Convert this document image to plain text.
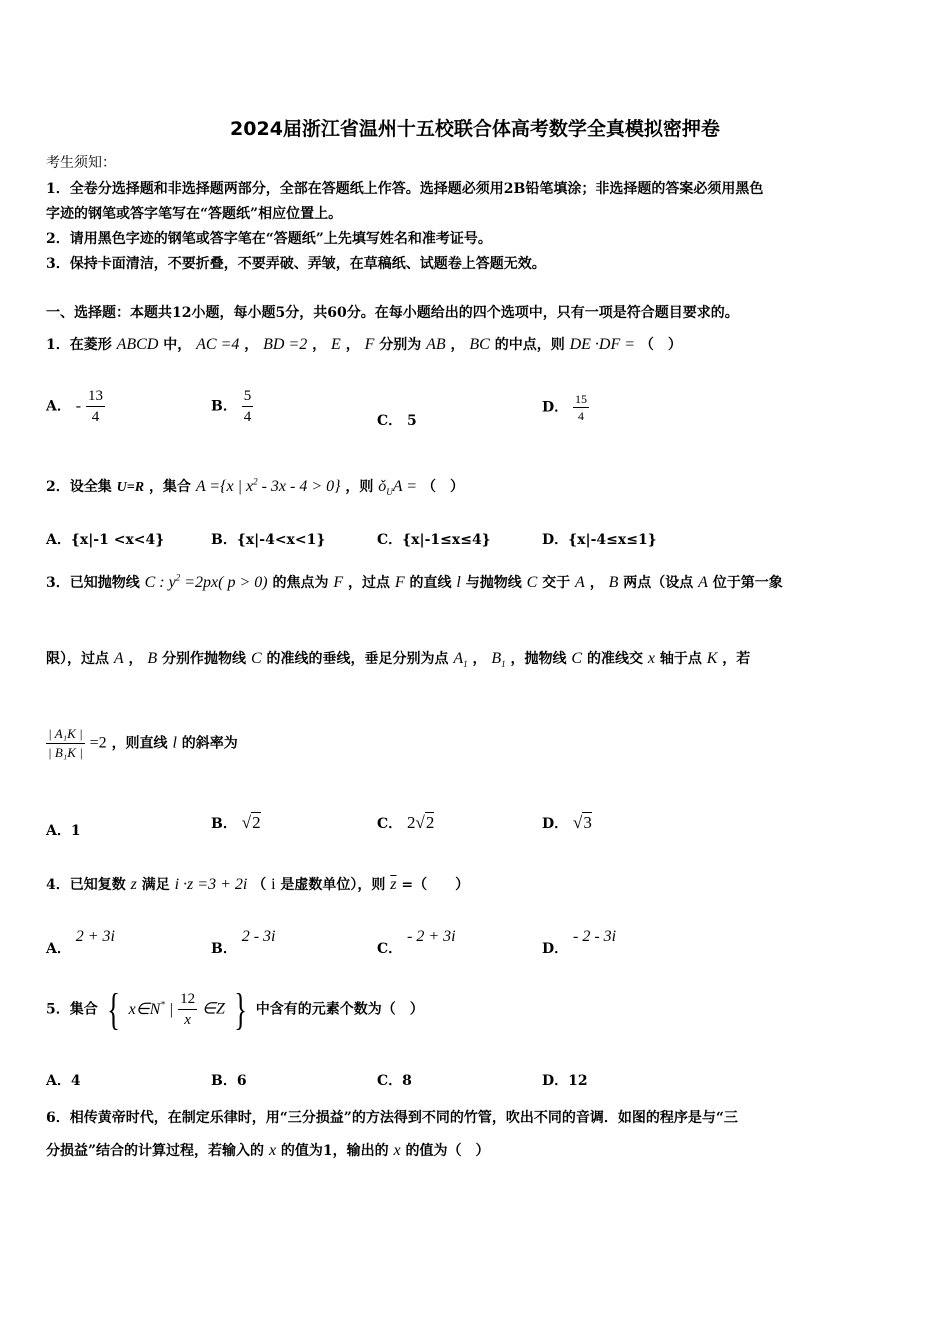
2024届浙江省温州十五校联合体高考数学全真模拟密押卷
考生须知：
1．全卷分选择题和非选择题两部分，全部在答题纸上作答。选择题必须用2B铅笔填涂；非选择题的答案必须用黑色
字迹的钢笔或答字笔写在“答题纸”相应位置上。
2．请用黑色字迹的钢笔或答字笔在“答题纸”上先填写姓名和准考证号。
3．保持卡面清洁，不要折叠，不要弄破、弄皱，在草稿纸、试题卷上答题无效。
一、选择题：本题共12小题，每小题5分，共60分。在每小题给出的四个选项中，只有一项是符合题目要求的。
1．在菱形 ABCD 中， AC =4 ， BD =2 ， E ， F 分别为 AB ， BC 的中点，则 DE ·DF = （　）
A． - $\frac{13}{4}$	B． $\frac{5}{4}$	C． 5
D． $\frac{15}{4}$
2．设全集 U=R ，集合 A ={x | $x^2 - 3x - 4 > 0$} ，则 $ǒ_UA$ = （　）
A．{x|-1 <x<4}	B．{x|-4<x<1}	C．{x|-1≤x≤4}	D．{x|-4≤x≤1}
3．已知抛物线 C : $y^2 =2px$( p > 0) 的焦点为 F ，过点 F 的直线 l 与抛物线 C 交于 A ， B 两点（设点 A 位于第一象
限），过点 A ， B 分别作抛物线 C 的准线的垂线，垂足分别为点 $A_1$ ， $B_1$ ，抛物线 C 的准线交 x 轴于点 K ，若
$\frac{\text{| A₁K |}}{\text{| B₁K |}} =2$ ，则直线 l 的斜率为
A．1	B． √2	C． 2√2	D． √3
4．已知复数 z 满足 i ·z =3 + 2i （ i 是虚数单位），则 $\overline{z}$ =（　　）
A． 2 + 3i
B． 2 - 3i
C． - 2 + 3i
D． - 2 - 3i
5．集合 { x∈N* | $\frac{12}{x}$ ∈Z } 中含有的元素个数为（　）
A．4	B．6	C．8	D．12
6．相传黄帝时代，在制定乐律时，用“三分损益”的方法得到不同的竹管，吹出不同的音调．如图的程序是与“三
分损益”结合的计算过程，若输入的 x 的值为1，输出的 x 的值为（　）
